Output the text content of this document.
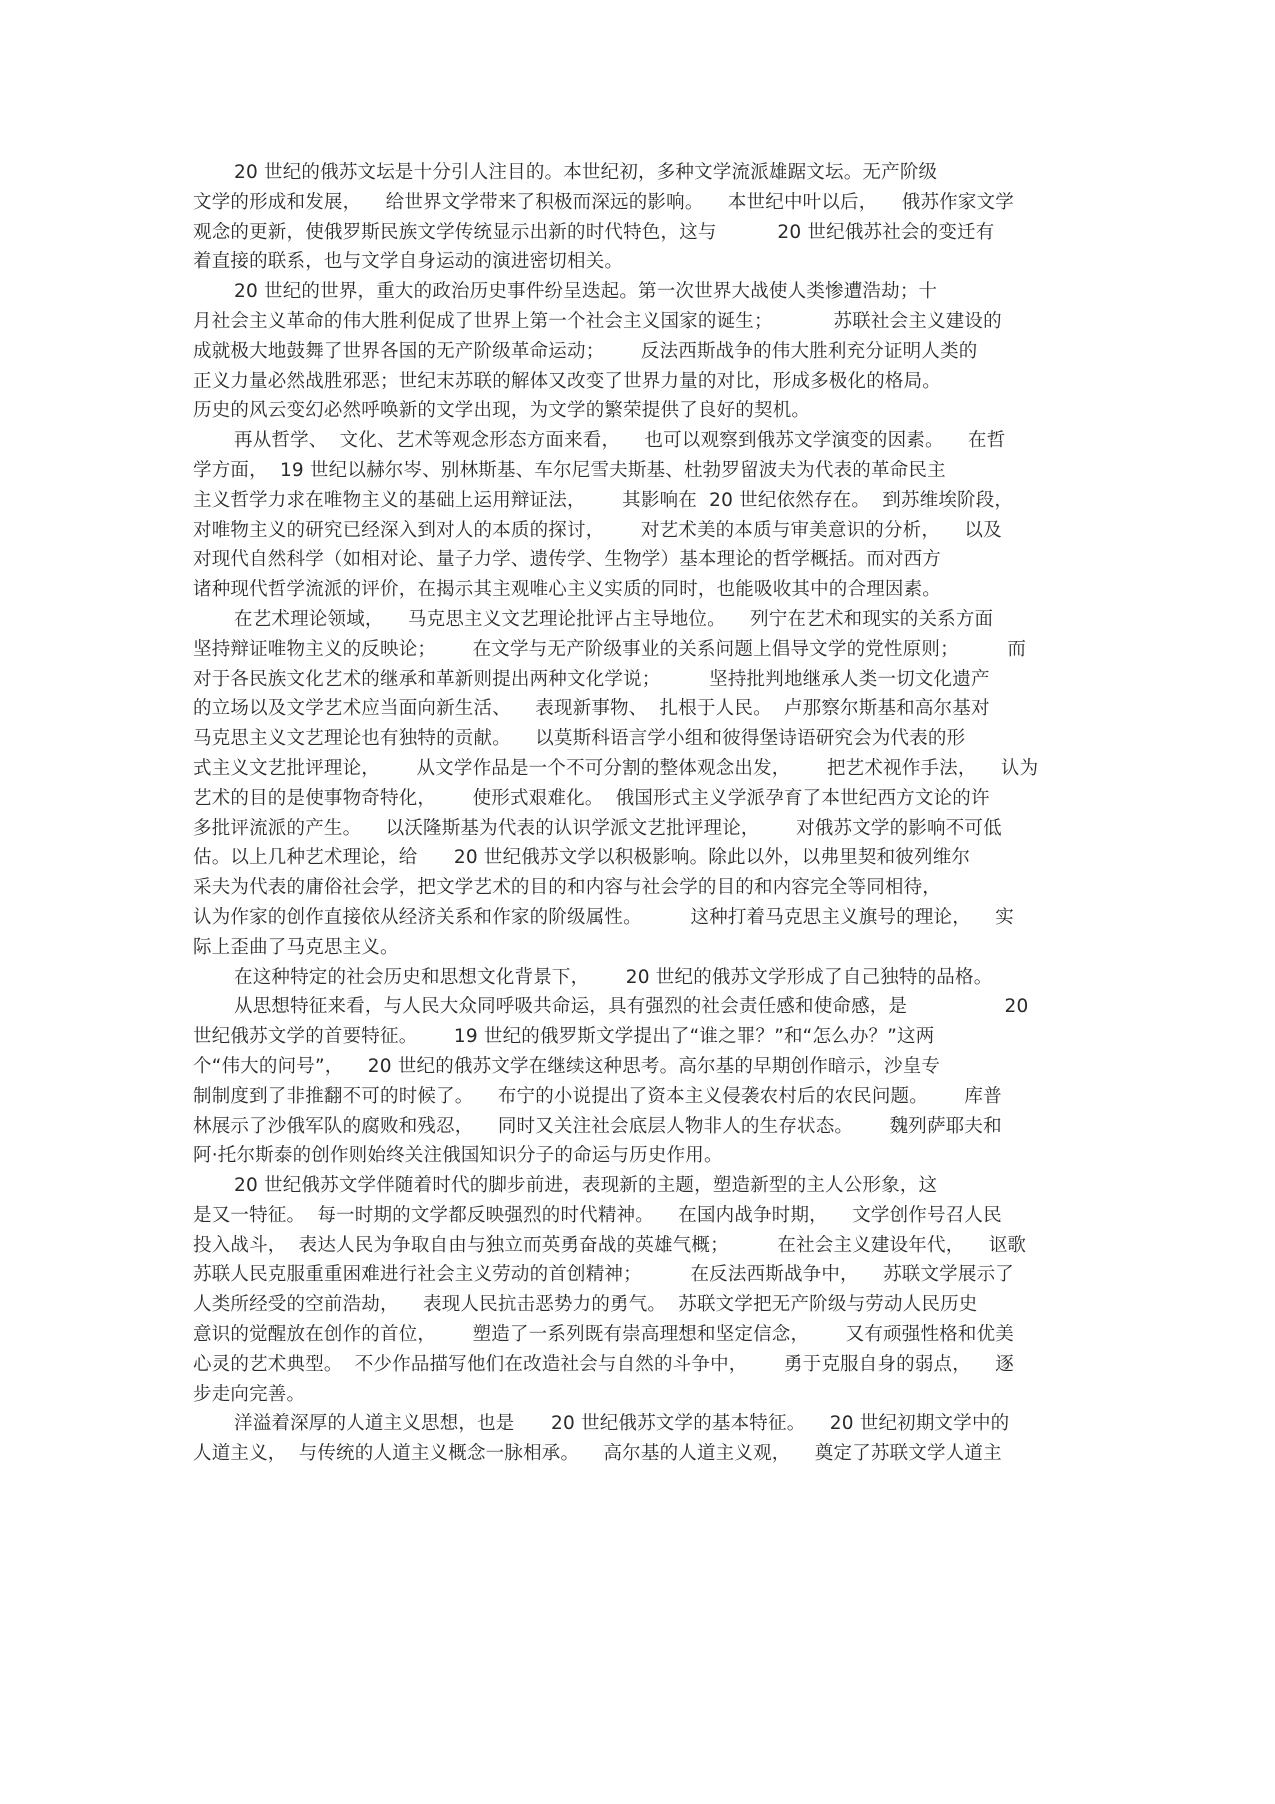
20 世纪的俄苏文坛是十分引人注目的。本世纪初，多种文学流派雄踞文坛。无产阶级
文学的形成和发展，    给世界文学带来了积极而深远的影响。    本世纪中叶以后，    俄苏作家文学
观念的更新，使俄罗斯民族文学传统显示出新的时代特色，这与          20 世纪俄苏社会的变迁有
着直接的联系，也与文学自身运动的演进密切相关。
20 世纪的世界，重大的政治历史事件纷呈迭起。第一次世界大战使人类惨遭浩劫；十
月社会主义革命的伟大胜利促成了世界上第一个社会主义国家的诞生；          苏联社会主义建设的
成就极大地鼓舞了世界各国的无产阶级革命运动；      反法西斯战争的伟大胜利充分证明人类的
正义力量必然战胜邪恶；世纪末苏联的解体又改变了世界力量的对比，形成多极化的格局。
历史的风云变幻必然呼唤新的文学出现，为文学的繁荣提供了良好的契机。
再从哲学、  文化、艺术等观念形态方面来看，    也可以观察到俄苏文学演变的因素。    在哲
学方面，  19 世纪以赫尔岑、别林斯基、车尔尼雪夫斯基、杜勃罗留波夫为代表的革命民主
主义哲学力求在唯物主义的基础上运用辩证法，      其影响在  20 世纪依然存在。  到苏维埃阶段，
对唯物主义的研究已经深入到对人的本质的探讨，      对艺术美的本质与审美意识的分析，    以及
对现代自然科学（如相对论、量子力学、遗传学、生物学）基本理论的哲学概括。而对西方
诸种现代哲学流派的评价，在揭示其主观唯心主义实质的同时，也能吸收其中的合理因素。
在艺术理论领域，    马克思主义文艺理论批评占主导地位。    列宁在艺术和现实的关系方面
坚持辩证唯物主义的反映论；      在文学与无产阶级事业的关系问题上倡导文学的党性原则；        而
对于各民族文化艺术的继承和革新则提出两种文化学说；        坚持批判地继承人类一切文化遗产
的立场以及文学艺术应当面向新生活、    表现新事物、  扎根于人民。  卢那察尔斯基和高尔基对
马克思主义文艺理论也有独特的贡献。    以莫斯科语言学小组和彼得堡诗语研究会为代表的形
式主义文艺批评理论，      从文学作品是一个不可分割的整体观念出发，      把艺术视作手法，    认为
艺术的目的是使事物奇特化，      使形式艰难化。  俄国形式主义学派孕育了本世纪西方文论的许
多批评流派的产生。    以沃隆斯基为代表的认识学派文艺批评理论，      对俄苏文学的影响不可低
估。以上几种艺术理论，给      20 世纪俄苏文学以积极影响。除此以外，以弗里契和彼列维尔
采夫为代表的庸俗社会学，把文学艺术的目的和内容与社会学的目的和内容完全等同相待，
认为作家的创作直接依从经济关系和作家的阶级属性。        这种打着马克思主义旗号的理论，    实
际上歪曲了马克思主义。
在这种特定的社会历史和思想文化背景下，      20 世纪的俄苏文学形成了自己独特的品格。
从思想特征来看，与人民大众同呼吸共命运，具有强烈的社会责任感和使命感，是                20
世纪俄苏文学的首要特征。      19 世纪的俄罗斯文学提出了“谁之罪？”和“怎么办？”这两
个“伟大的问号”，    20 世纪的俄苏文学在继续这种思考。高尔基的早期创作暗示，沙皇专
制制度到了非推翻不可的时候了。    布宁的小说提出了资本主义侵袭农村后的农民问题。      库普
林展示了沙俄军队的腐败和残忍，    同时又关注社会底层人物非人的生存状态。      魏列萨耶夫和
阿·托尔斯泰的创作则始终关注俄国知识分子的命运与历史作用。
20 世纪俄苏文学伴随着时代的脚步前进，表现新的主题，塑造新型的主人公形象，这
是又一特征。  每一时期的文学都反映强烈的时代精神。    在国内战争时期，    文学创作号召人民
投入战斗，  表达人民为争取自由与独立而英勇奋战的英雄气概；        在社会主义建设年代，    讴歌
苏联人民克服重重困难进行社会主义劳动的首创精神；        在反法西斯战争中，    苏联文学展示了
人类所经受的空前浩劫，    表现人民抗击恶势力的勇气。  苏联文学把无产阶级与劳动人民历史
意识的觉醒放在创作的首位，      塑造了一系列既有崇高理想和坚定信念，      又有顽强性格和优美
心灵的艺术典型。  不少作品描写他们在改造社会与自然的斗争中，      勇于克服自身的弱点，    逐
步走向完善。
洋溢着深厚的人道主义思想，也是      20 世纪俄苏文学的基本特征。    20 世纪初期文学中的
人道主义，  与传统的人道主义概念一脉相承。    高尔基的人道主义观，    奠定了苏联文学人道主
